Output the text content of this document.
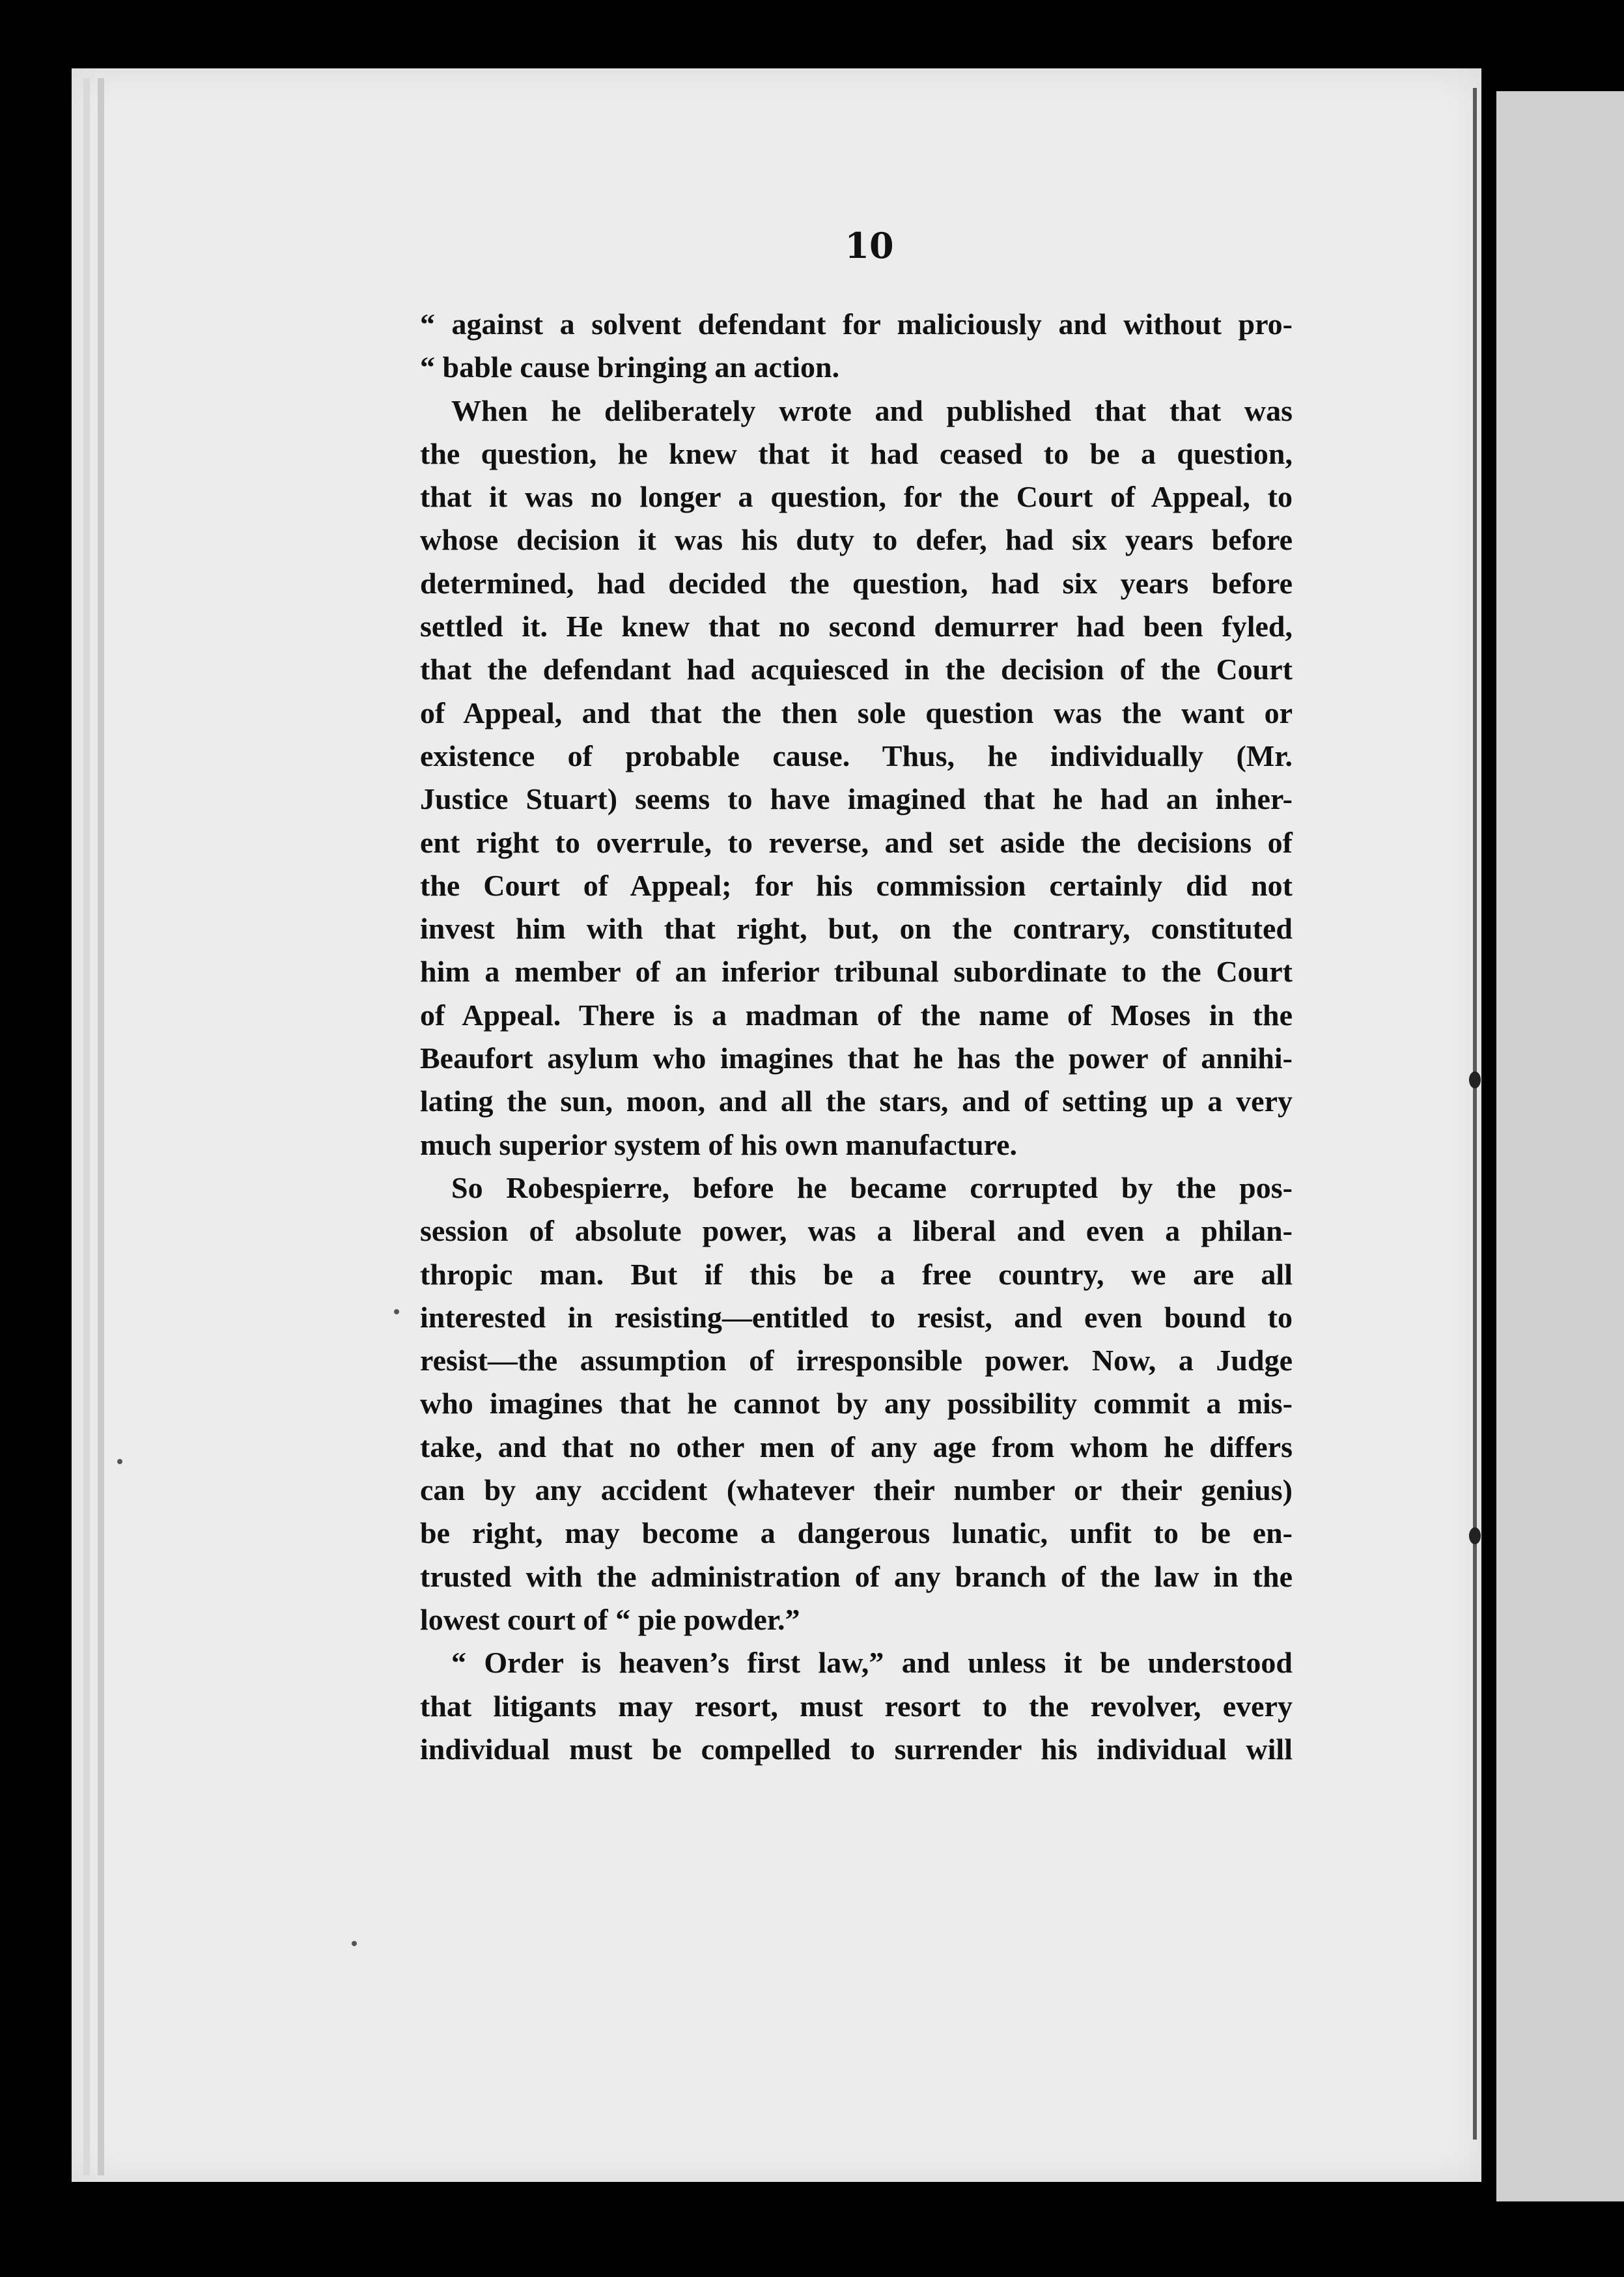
10
“ against a solvent defendant for maliciously and without pro-
“ bable cause bringing an action.
When he deliberately wrote and published that that was
the question, he knew that it had ceased to be a question,
that it was no longer a question, for the Court of Appeal, to
whose decision it was his duty to defer, had six years before
determined, had decided the question, had six years before
settled it. He knew that no second demurrer had been fyled,
that the defendant had acquiesced in the decision of the Court
of Appeal, and that the then sole question was the want or
existence of probable cause. Thus, he individually (Mr.
Justice Stuart) seems to have imagined that he had an inher-
ent right to overrule, to reverse, and set aside the decisions of
the Court of Appeal; for his commission certainly did not
invest him with that right, but, on the contrary, constituted
him a member of an inferior tribunal subordinate to the Court
of Appeal. There is a madman of the name of Moses in the
Beaufort asylum who imagines that he has the power of annihi-
lating the sun, moon, and all the stars, and of setting up a very
much superior system of his own manufacture.
So Robespierre, before he became corrupted by the pos-
session of absolute power, was a liberal and even a philan-
thropic man. But if this be a free country, we are all
interested in resisting—entitled to resist, and even bound to
resist—the assumption of irresponsible power. Now, a Judge
who imagines that he cannot by any possibility commit a mis-
take, and that no other men of any age from whom he differs
can by any accident (whatever their number or their genius)
be right, may become a dangerous lunatic, unfit to be en-
trusted with the administration of any branch of the law in the
lowest court of “ pie powder.”
“ Order is heaven’s first law,” and unless it be understood
that litigants may resort, must resort to the revolver, every
individual must be compelled to surrender his individual will
